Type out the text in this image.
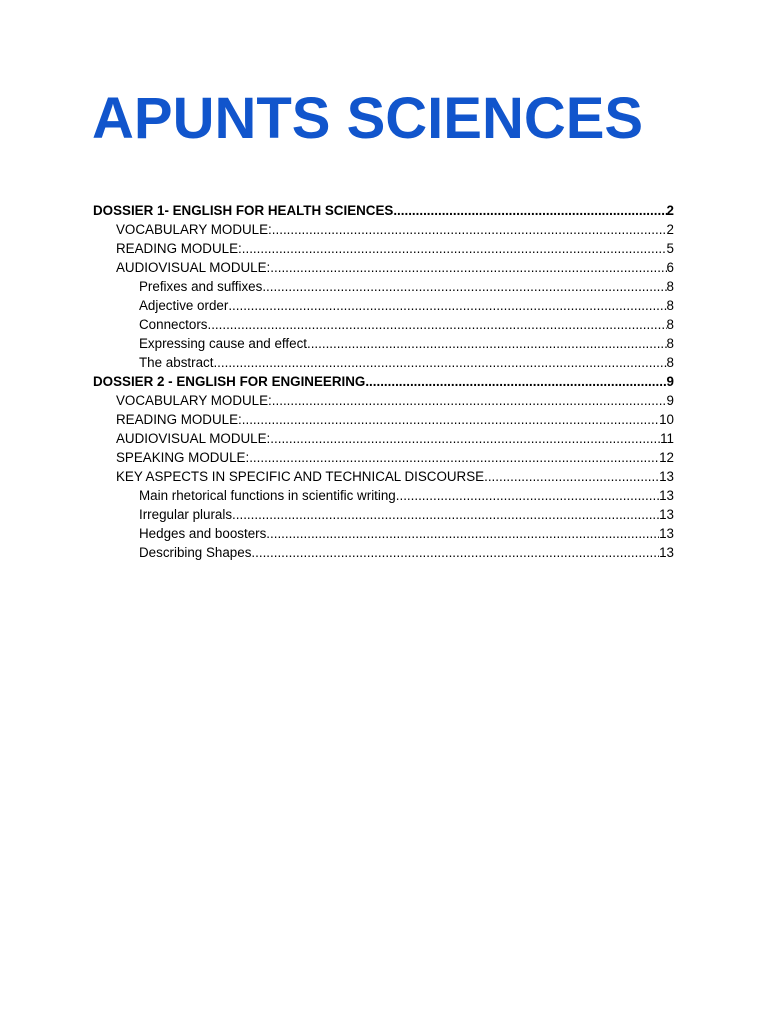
APUNTS SCIENCES
DOSSIER 1- ENGLISH FOR HEALTH SCIENCES .....	2
VOCABULARY MODULE: .....	2
READING MODULE: .....	5
AUDIOVISUAL MODULE: .....	6
Prefixes and suffixes .....	8
Adjective order .....	8
Connectors .....	8
Expressing cause and effect .....	8
The abstract .....	8
DOSSIER 2 - ENGLISH FOR ENGINEERING .....	9
VOCABULARY MODULE: .....	9
READING MODULE: .....	10
AUDIOVISUAL MODULE: .....	11
SPEAKING MODULE: .....	12
KEY ASPECTS IN SPECIFIC AND TECHNICAL DISCOURSE .....	13
Main rhetorical functions in scientific writing .....	13
Irregular plurals .....	13
Hedges and boosters .....	13
Describing Shapes .....	13
